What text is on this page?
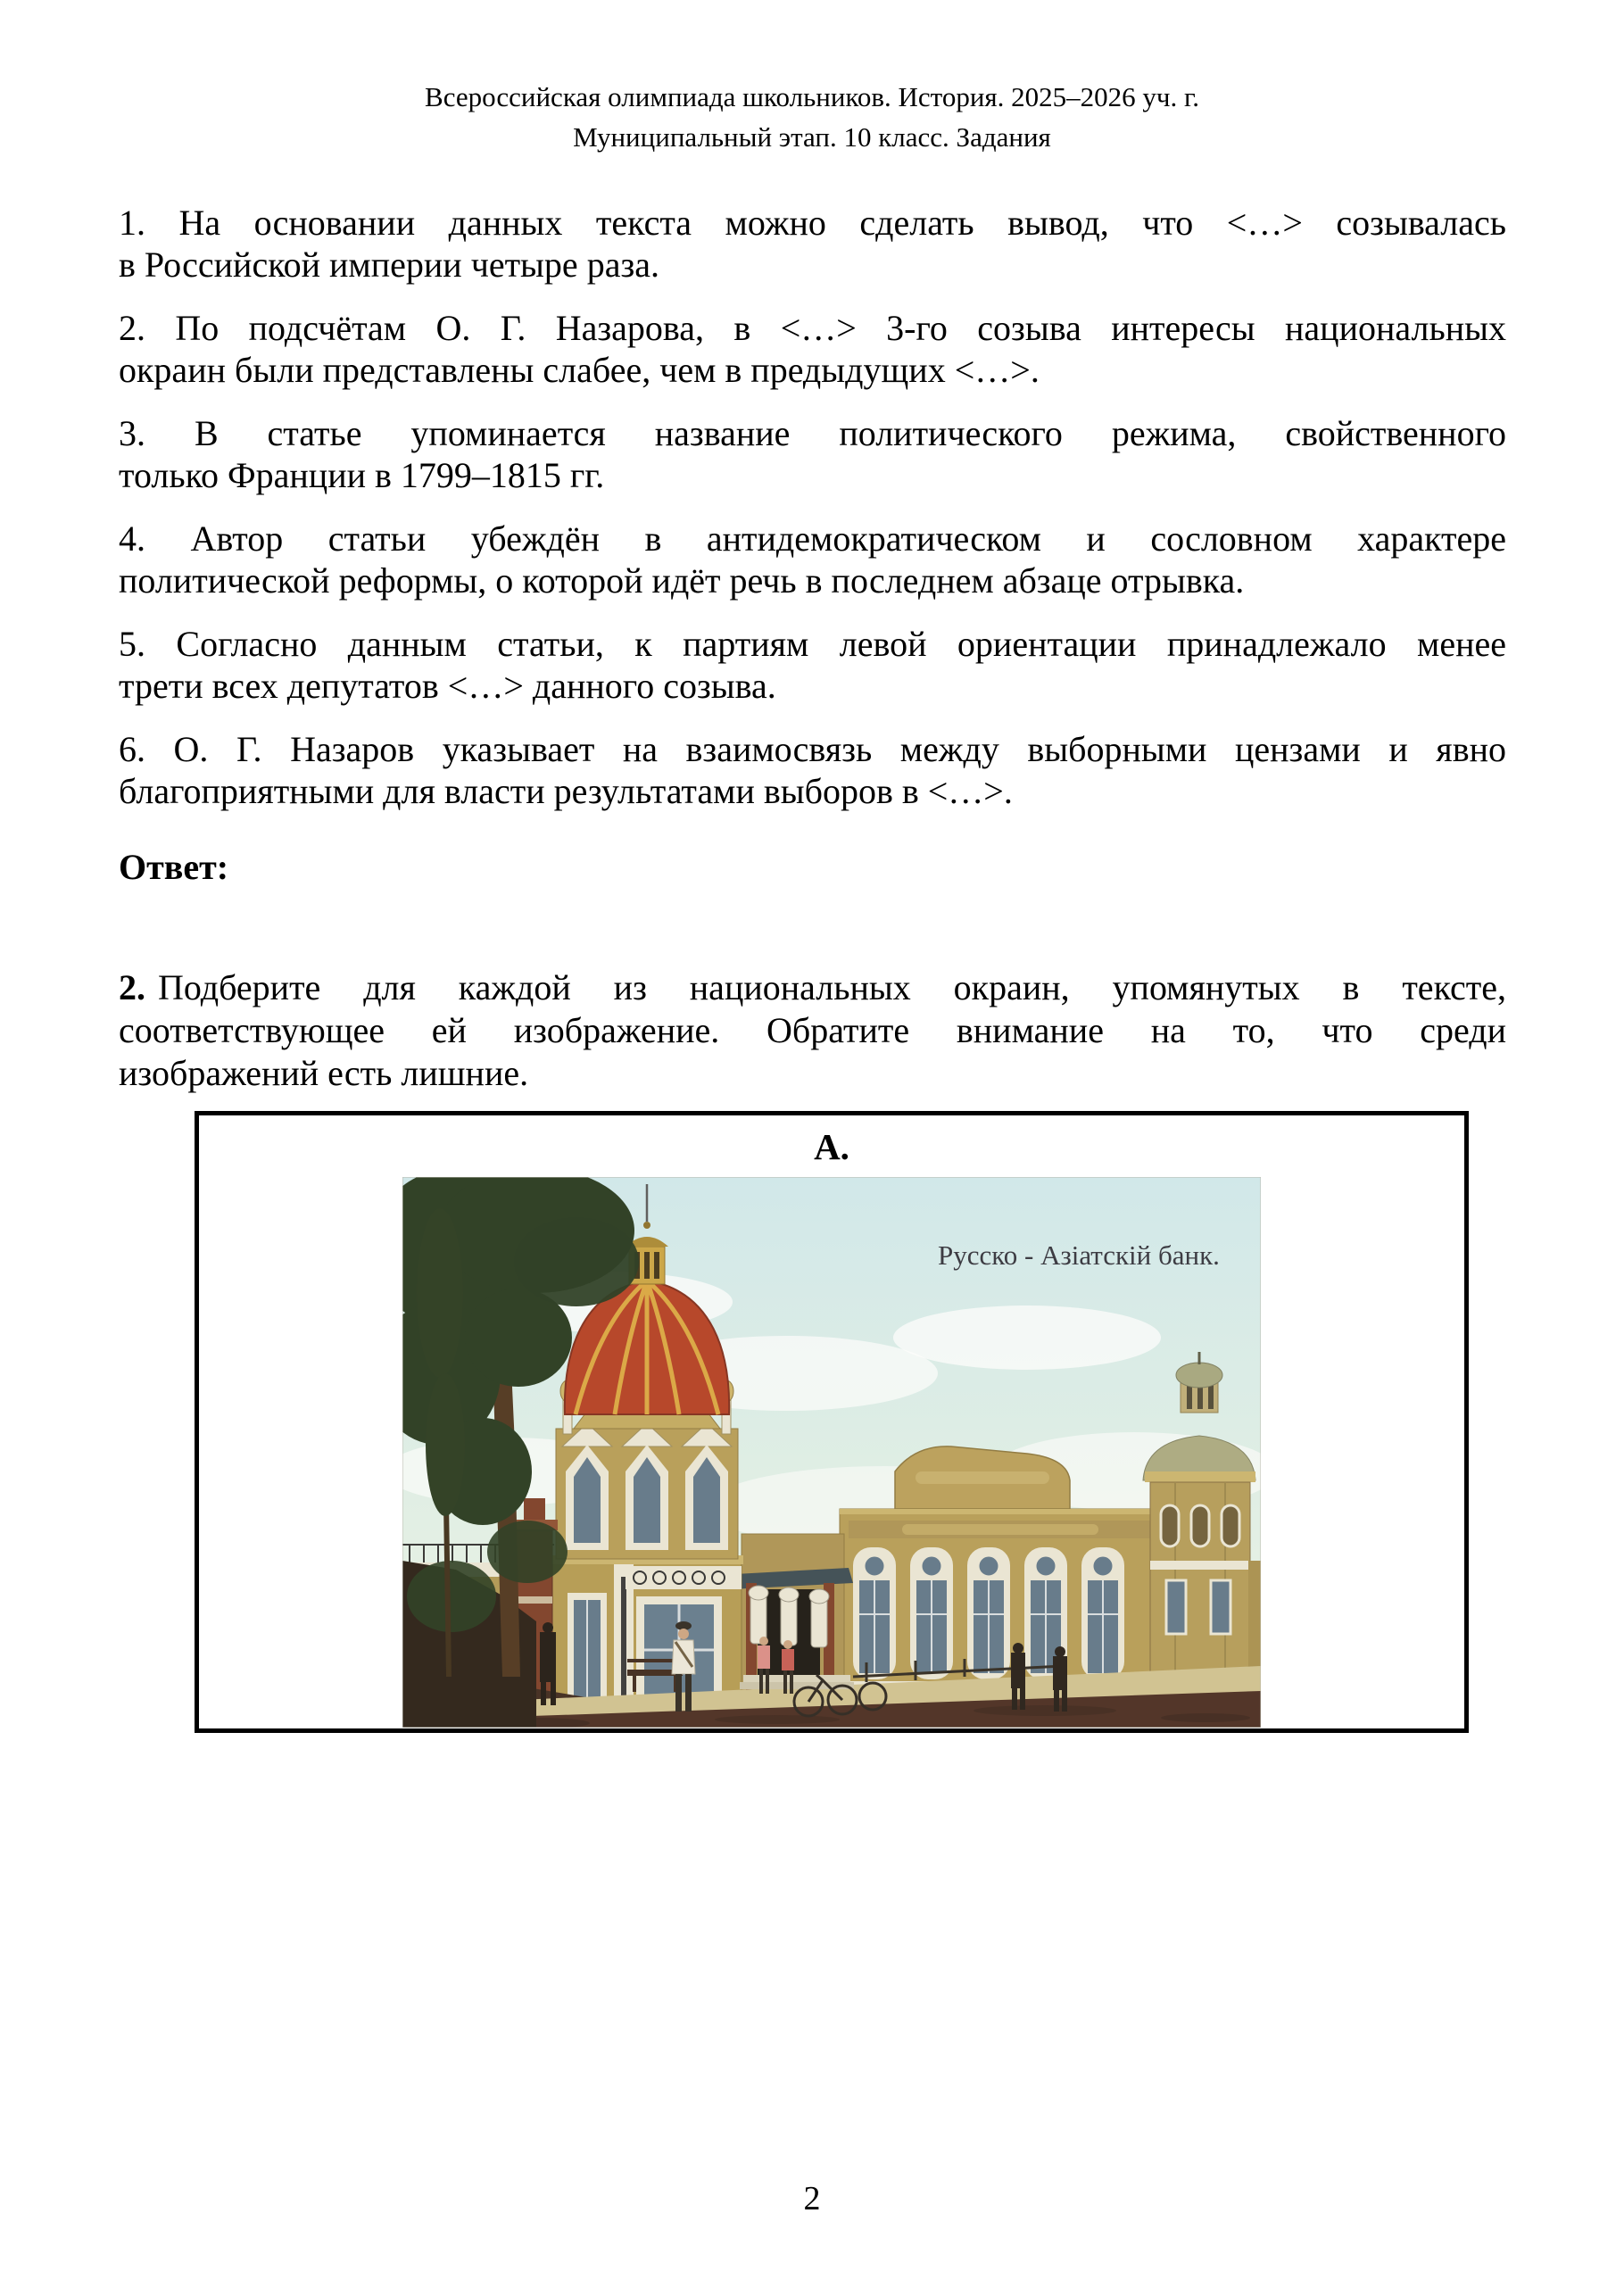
Всероссийская олимпиада школьников. История. 2025–2026 уч. г.
Муниципальный этап. 10 класс. Задания

1. На основании данных текста можно сделать вывод, что <…> созывалась
в Российской империи четыре раза.

2. По подсчётам О. Г. Назарова, в <…> 3-го созыва интересы национальных
окраин были представлены слабее, чем в предыдущих <…>.

3. В статье упоминается название политического режима, свойственного
только Франции в 1799–1815 гг.

4. Автор статьи убеждён в антидемократическом и сословном характере
политической реформы, о которой идёт речь в последнем абзаце отрывка.

5. Согласно данным статьи, к партиям левой ориентации принадлежало менее
трети всех депутатов <…> данного созыва.

6. О. Г. Назаров указывает на взаимосвязь между выборными цензами и явно
благоприятными для власти результатами выборов в <…>.

Ответ:

2. Подберите для каждой из национальных окраин, упомянутых в тексте,
соответствующее ей изображение. Обратите внимание на то, что среди
изображений есть лишние.

А.
Русско - Азіатскій банк.
2
